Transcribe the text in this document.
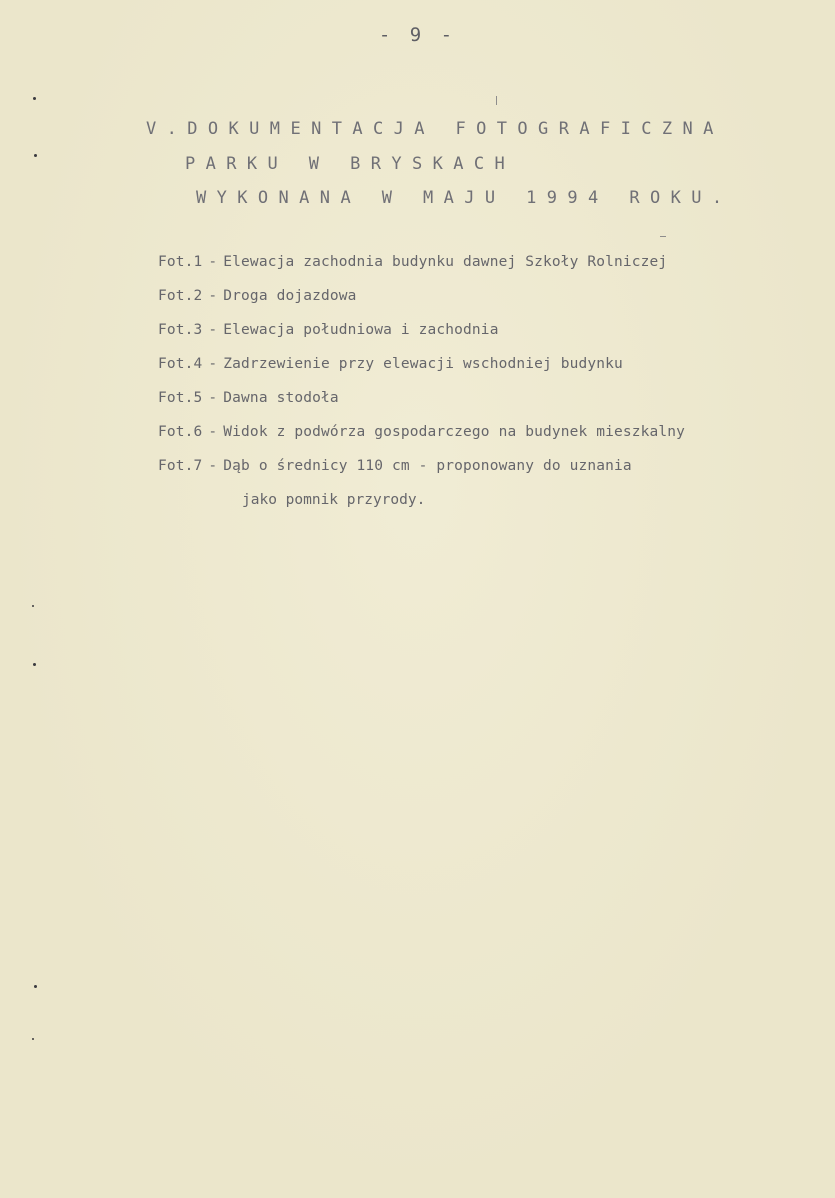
- 9 -
V.DOKUMENTACJA FOTOGRAFICZNA
PARKU W BRYSKACH
WYKONANA W MAJU 1994 ROKU.
Fot.1 - Elewacja zachodnia budynku dawnej Szkoły Rolniczej
Fot.2 - Droga dojazdowa
Fot.3 - Elewacja południowa i zachodnia
Fot.4 - Zadrzewienie przy elewacji wschodniej budynku
Fot.5 - Dawna stodoła
Fot.6 - Widok z podwórza gospodarczego na budynek mieszkalny
Fot.7 - Dąb o średnicy 110 cm - proponowany do uznania
jako pomnik przyrody.
